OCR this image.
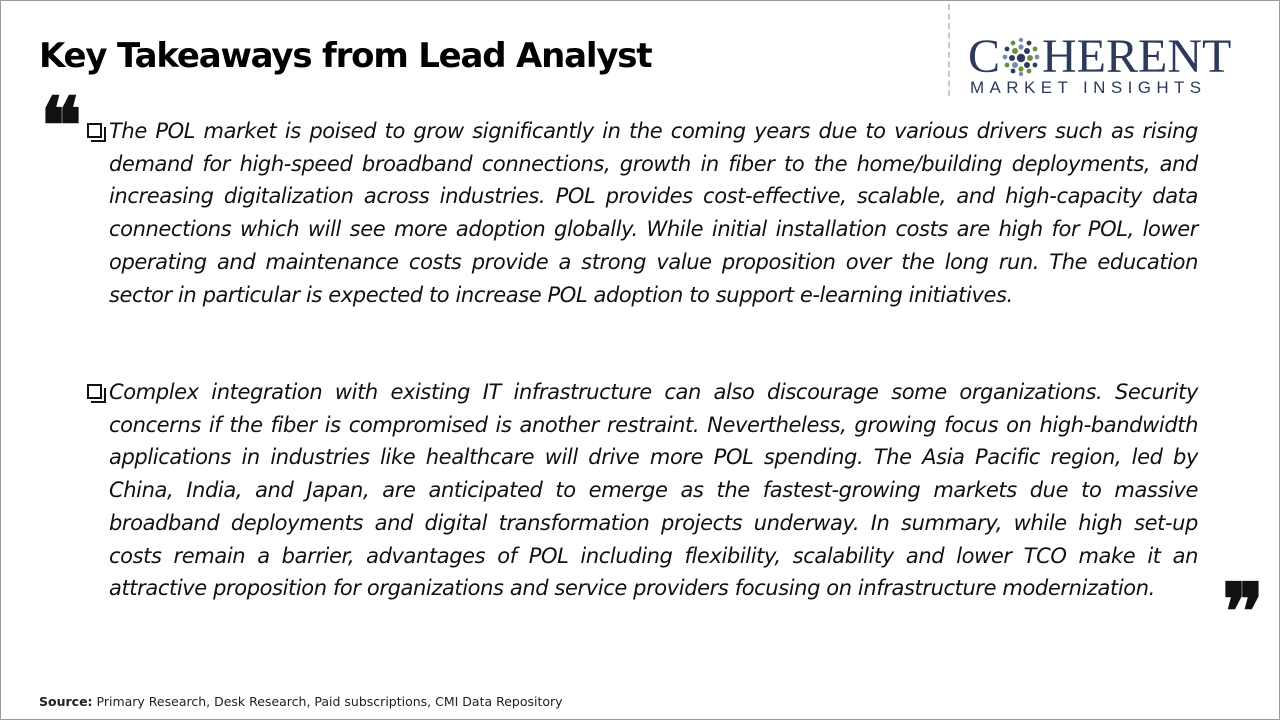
Key Takeaways from Lead Analyst	C HERENT
MARKET INSIGHTS
❝	The POL market is poised to grow significantly in the coming years due to various drivers such as rising demand for high-speed broadband connections, growth in fiber to the home/building deployments, and increasing digitalization across industries. POL provides cost-effective, scalable, and high-capacity data connections which will see more adoption globally. While initial installation costs are high for POL, lower operating and maintenance costs provide a strong value proposition over the long run. The education sector in particular is expected to increase POL adoption to support e-learning initiatives.

Complex integration with existing IT infrastructure can also discourage some organizations. Security concerns if the fiber is compromised is another restraint. Nevertheless, growing focus on high-bandwidth applications in industries like healthcare will drive more POL spending. The Asia Pacific region, led by China, India, and Japan, are anticipated to emerge as the fastest-growing markets due to massive broadband deployments and digital transformation projects underway. In summary, while high set-up costs remain a barrier, advantages of POL including flexibility, scalability and lower TCO make it an attractive proposition for organizations and service providers focusing on infrastructure modernization. ❞
Source: Primary Research, Desk Research, Paid subscriptions, CMI Data Repository
